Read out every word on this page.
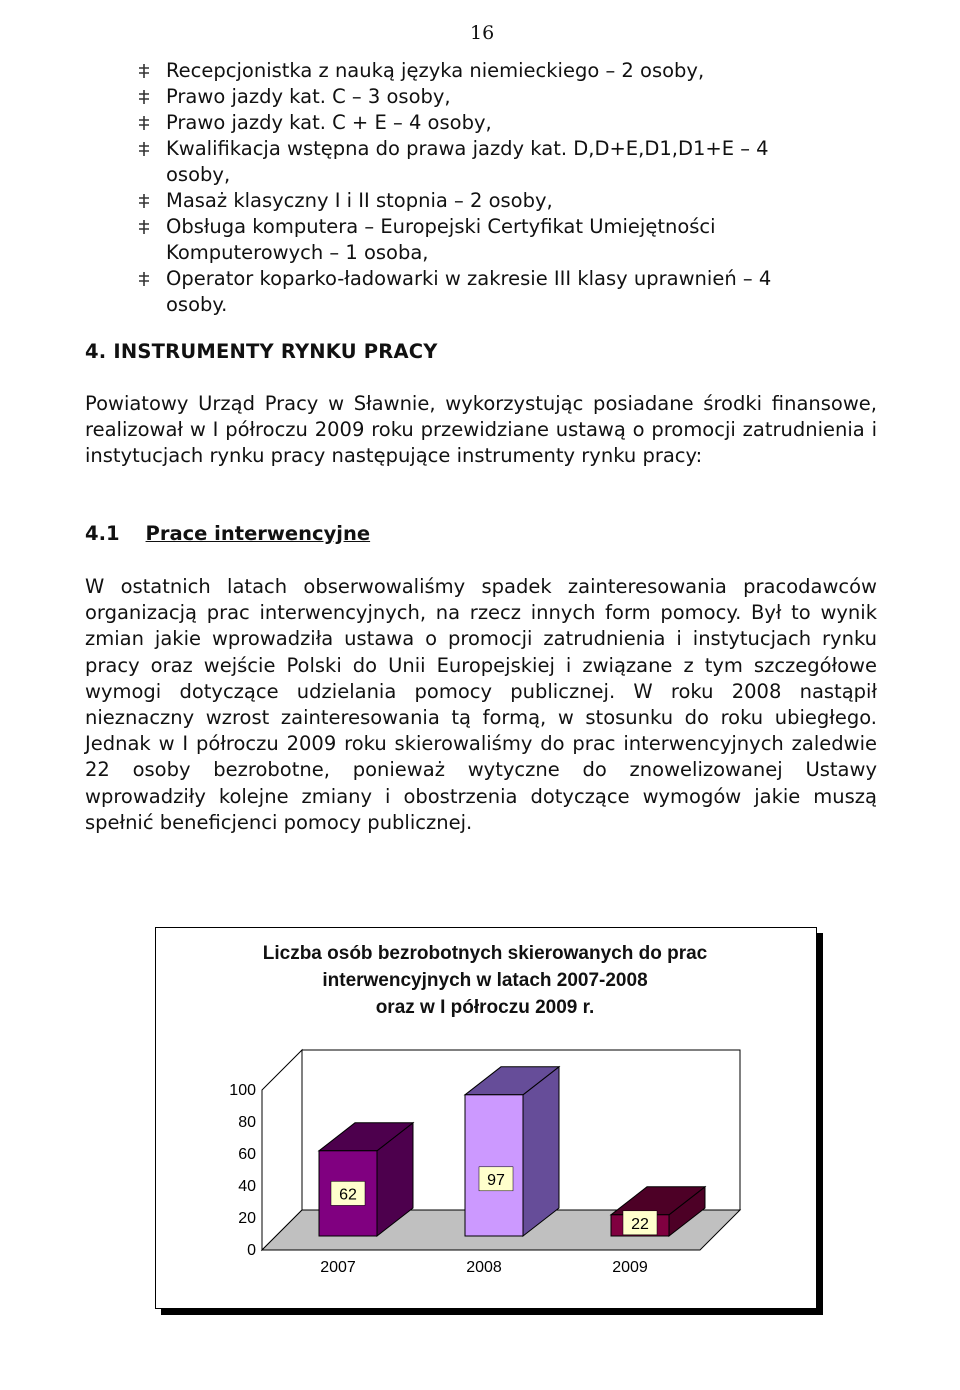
16
Recepcjonistka z nauką języka niemieckiego – 2 osoby,
Prawo jazdy kat. C – 3 osoby,
Prawo jazdy kat. C + E – 4 osoby,
Kwalifikacja wstępna do prawa jazdy kat. D,D+E,D1,D1+E – 4 osoby,
Masaż klasyczny I i II stopnia – 2 osoby,
Obsługa komputera – Europejski Certyfikat Umiejętności Komputerowych – 1 osoba,
Operator koparko-ładowarki w zakresie III klasy uprawnień – 4 osoby.
4. INSTRUMENTY RYNKU PRACY

Powiatowy Urząd Pracy w Sławnie, wykorzystując posiadane środki finansowe, realizował w I półroczu 2009 roku przewidziane ustawą o promocji zatrudnienia i instytucjach rynku pracy następujące instrumenty rynku pracy:

4.1 Prace interwencyjne

W ostatnich latach obserwowaliśmy spadek zainteresowania pracodawców organizacją prac interwencyjnych, na rzecz innych form pomocy. Był to wynik zmian jakie wprowadziła ustawa o promocji zatrudnienia i instytucjach rynku pracy oraz wejście Polski do Unii Europejskiej i związane z tym szczegółowe wymogi dotyczące udzielania pomocy publicznej. W roku 2008 nastąpił nieznaczny wzrost zainteresowania tą formą, w stosunku do roku ubiegłego. Jednak w I półroczu 2009 roku skierowaliśmy do prac interwencyjnych zaledwie 22 osoby bezrobotne, ponieważ wytyczne do znowelizowanej Ustawy wprowadziły kolejne zmiany i obostrzenia dotyczące wymogów jakie muszą spełnić beneficjenci pomocy publicznej.

Liczba osób bezrobotnych skierowanych do prac
interwencyjnych w latach 2007-2008
oraz w I półroczu 2009 r.
0
20
40
60
80
100
62
2007
97
2008
22
2009
